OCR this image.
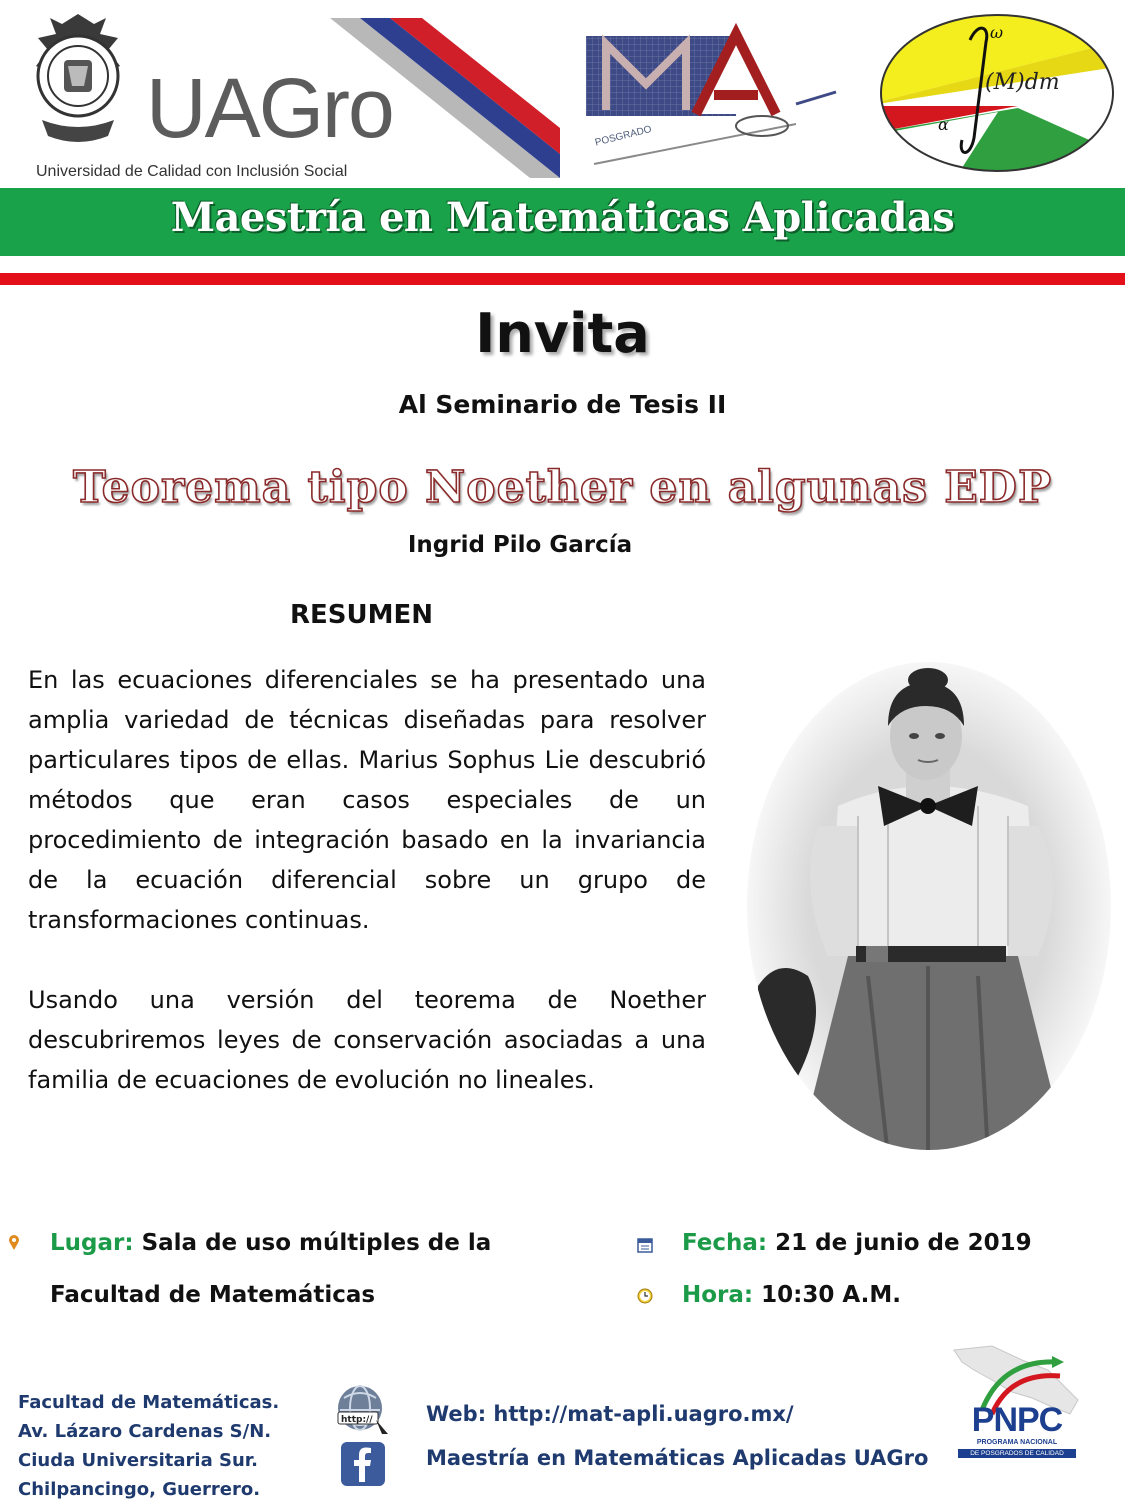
UAGro
Universidad de Calidad con Inclusión Social
POSGRADO
ω
α
(M)dm
Maestría en Matemáticas Aplicadas
Invita
Al Seminario de Tesis II
Teorema tipo Noether en algunas EDP
Ingrid Pilo García
RESUMEN

En las ecuaciones diferenciales se ha presentado una amplia variedad de técnicas diseñadas para resolver particulares tipos de ellas. Marius Sophus Lie descubrió métodos que eran casos especiales de un procedimiento de integración basado en la invariancia de la ecuación diferencial sobre un grupo de transformaciones continuas.

Usando una versión del teorema de Noether descubriremos leyes de conservación asociadas a una familia de ecuaciones de evolución no lineales.

Lugar: Sala de uso múltiples de la
Facultad de Matemáticas
Fecha: 21 de junio de 2019
Hora: 10:30 A.M.
Facultad de Matemáticas.
Av. Lázaro Cardenas S/N.
Ciuda Universitaria Sur.
Chilpancingo, Guerrero.
http://	Web: http://mat-apli.uagro.mx/
Maestría en Matemáticas Aplicadas UAGro
PNPC
PROGRAMA NACIONAL
DE POSGRADOS DE CALIDAD
